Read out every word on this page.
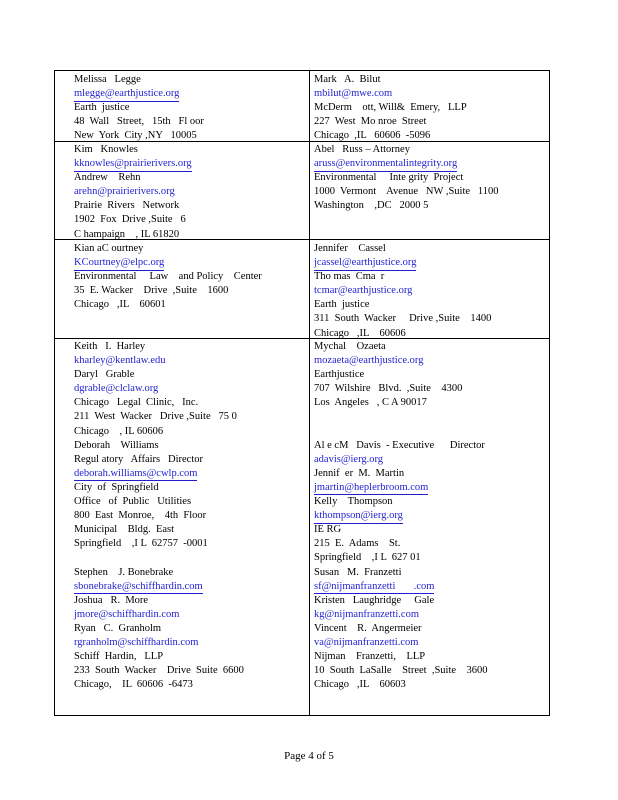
Melissa   Legge
mlegge@earthjustice.org
Earth  justice
48  Wall   Street,   15th   Fl oor
New  York  City ,NY   10005
Mark   A.  Bilut
mbilut@mwe.com
McDerm    ott, Will&  Emery,   LLP
227  West  Mo nroe  Street
Chicago  ,IL   60606  -5096
Kim   Knowles
kknowles@prairierivers.org
Andrew    Rehn
arehn@prairierivers.org
Prairie  Rivers   Network
1902  Fox  Drive ,Suite   6
C hampaign    , IL 61820
Abel   Russ – Attorney
aruss@environmentalintegrity.org
Environmental     Inte grity  Project
1000  Vermont    Avenue   NW ,Suite   1100
Washington    ,DC   2000 5
Kian aC ourtney
KCourtney@elpc.org
Environmental     Law    and Policy    Center
35  E. Wacker    Drive  ,Suite    1600
Chicago   ,IL    60601
Jennifer    Cassel
jcassel@earthjustice.org
Tho mas  Cma  r
tcmar@earthjustice.org
Earth  justice
311  South  Wacker     Drive ,Suite    1400
Chicago   ,IL    60606
Keith   I.  Harley
kharley@kentlaw.edu
Daryl   Grable
dgrable@clclaw.org
Chicago   Legal  Clinic,   Inc.
211  West  Wacker   Drive ,Suite   75 0
Chicago    , IL 60606
Deborah    Williams
Regul atory   Affairs   Director
deborah.williams@cwlp.com
City  of  Springfield
Office   of  Public   Utilities
800  East  Monroe,    4th  Floor
Municipal    Bldg.  East
Springfield    ,I L  62757  -0001
Stephen    J. Bonebrake
sbonebrake@schiffhardin.com
Joshua   R.  More
jmore@schiffhardin.com
Ryan   C.  Granholm
rgranholm@schiffhardin.com
Schiff  Hardin,   LLP
233  South  Wacker    Drive  Suite  6600
Chicago,    IL  60606  -6473
Mychal    Ozaeta
mozaeta@earthjustice.org
Earthjustice
707  Wilshire   Blvd.  ,Suite    4300
Los  Angeles   , C A 90017
Al e cM   Davis  - Executive      Director
adavis@ierg.org
Jennif  er  M.  Martin
jmartin@heplerbroom.com
Kelly    Thompson
kthompson@ierg.org
IE RG
215  E.  Adams    St.
Springfield    ,I L  627 01
Susan   M.  Franzetti
sf@nijmanfranzetti       .com
Kristen   Laughridge     Gale
kg@nijmanfranzetti.com
Vincent    R.  Angermeier
va@nijmanfranzetti.com
Nijman    Franzetti,    LLP
10  South  LaSalle    Street  ,Suite    3600
Chicago   ,IL    60603
Page 4 of 5
